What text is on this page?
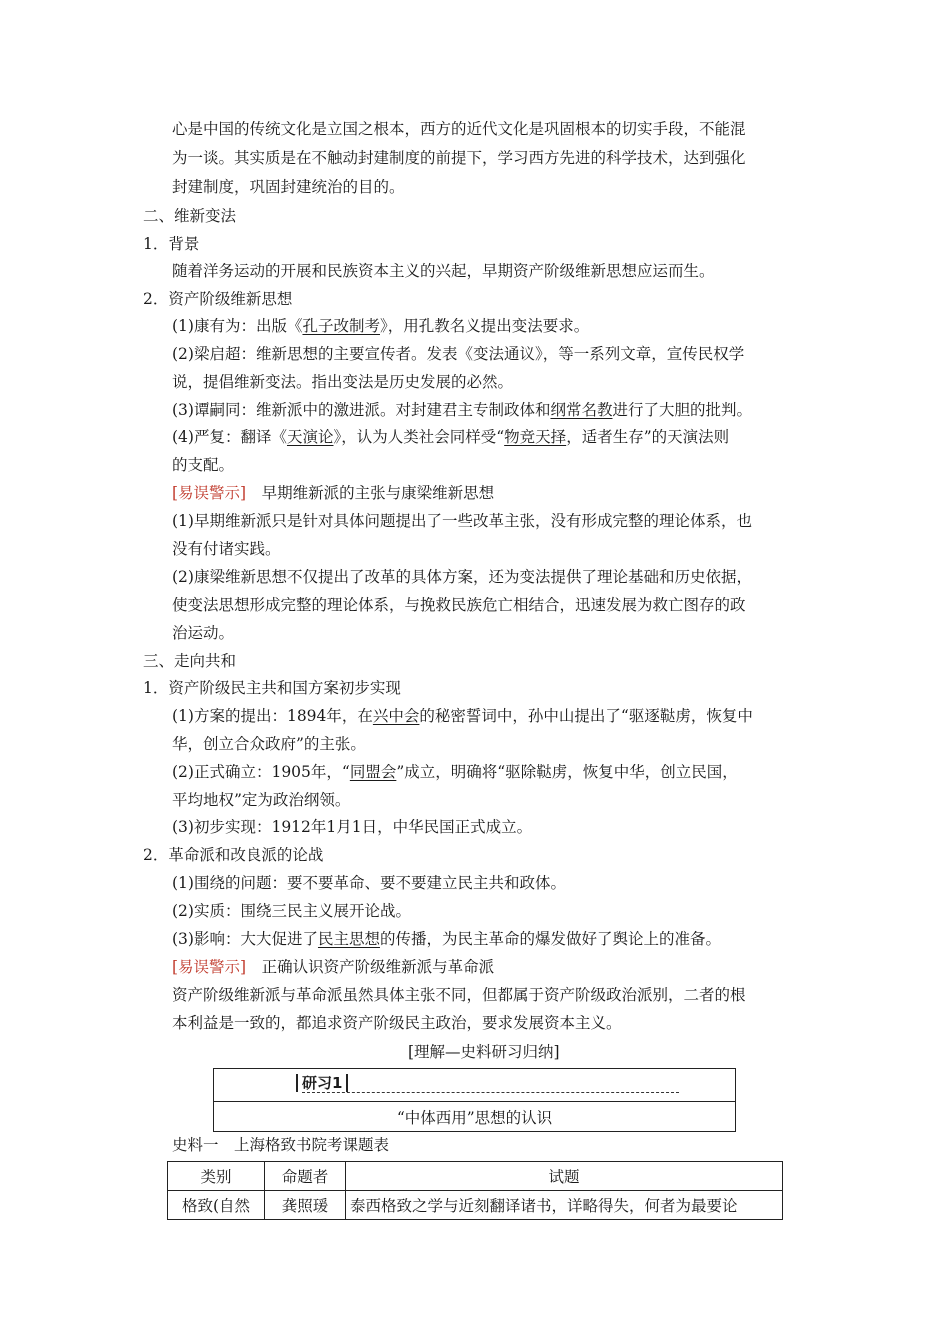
心是中国的传统文化是立国之根本，西方的近代文化是巩固根本的切实手段，不能混
为一谈。其实质是在不触动封建制度的前提下，学习西方先进的科学技术，达到强化
封建制度，巩固封建统治的目的。
二、维新变法
1．背景
随着洋务运动的开展和民族资本主义的兴起，早期资产阶级维新思想应运而生。
2．资产阶级维新思想
(1)康有为：出版《孔子改制考》，用孔教名义提出变法要求。
(2)梁启超：维新思想的主要宣传者。发表《变法通议》，等一系列文章，宣传民权学
说，提倡维新变法。指出变法是历史发展的必然。
(3)谭嗣同：维新派中的激进派。对封建君主专制政体和纲常名教进行了大胆的批判。
(4)严复：翻译《天演论》，认为人类社会同样受“物竞天择，适者生存”的天演法则
的支配。
[易误警示]　早期维新派的主张与康梁维新思想
(1)早期维新派只是针对具体问题提出了一些改革主张，没有形成完整的理论体系，也
没有付诸实践。
(2)康梁维新思想不仅提出了改革的具体方案，还为变法提供了理论基础和历史依据，
使变法思想形成完整的理论体系，与挽救民族危亡相结合，迅速发展为救亡图存的政
治运动。
三、走向共和
1．资产阶级民主共和国方案初步实现
(1)方案的提出：1894年，在兴中会的秘密誓词中，孙中山提出了“驱逐鞑虏，恢复中
华，创立合众政府”的主张。
(2)正式确立：1905年，“同盟会”成立，明确将“驱除鞑虏，恢复中华，创立民国，
平均地权”定为政治纲领。
(3)初步实现：1912年1月1日，中华民国正式成立。
2．革命派和改良派的论战
(1)围绕的问题：要不要革命、要不要建立民主共和政体。
(2)实质：围绕三民主义展开论战。
(3)影响：大大促进了民主思想的传播，为民主革命的爆发做好了舆论上的准备。
[易误警示]　正确认识资产阶级维新派与革命派
资产阶级维新派与革命派虽然具体主张不同，但都属于资产阶级政治派别，二者的根
本利益是一致的，都追求资产阶级民主政治，要求发展资本主义。
[理解—史料研习归纳]
研习1
“中体西用”思想的认识
史料一　上海格致书院考课题表
类别	命题者	试题
格致(自然	龚照瑗	泰西格致之学与近刻翻译诸书，详略得失，何者为最要论
